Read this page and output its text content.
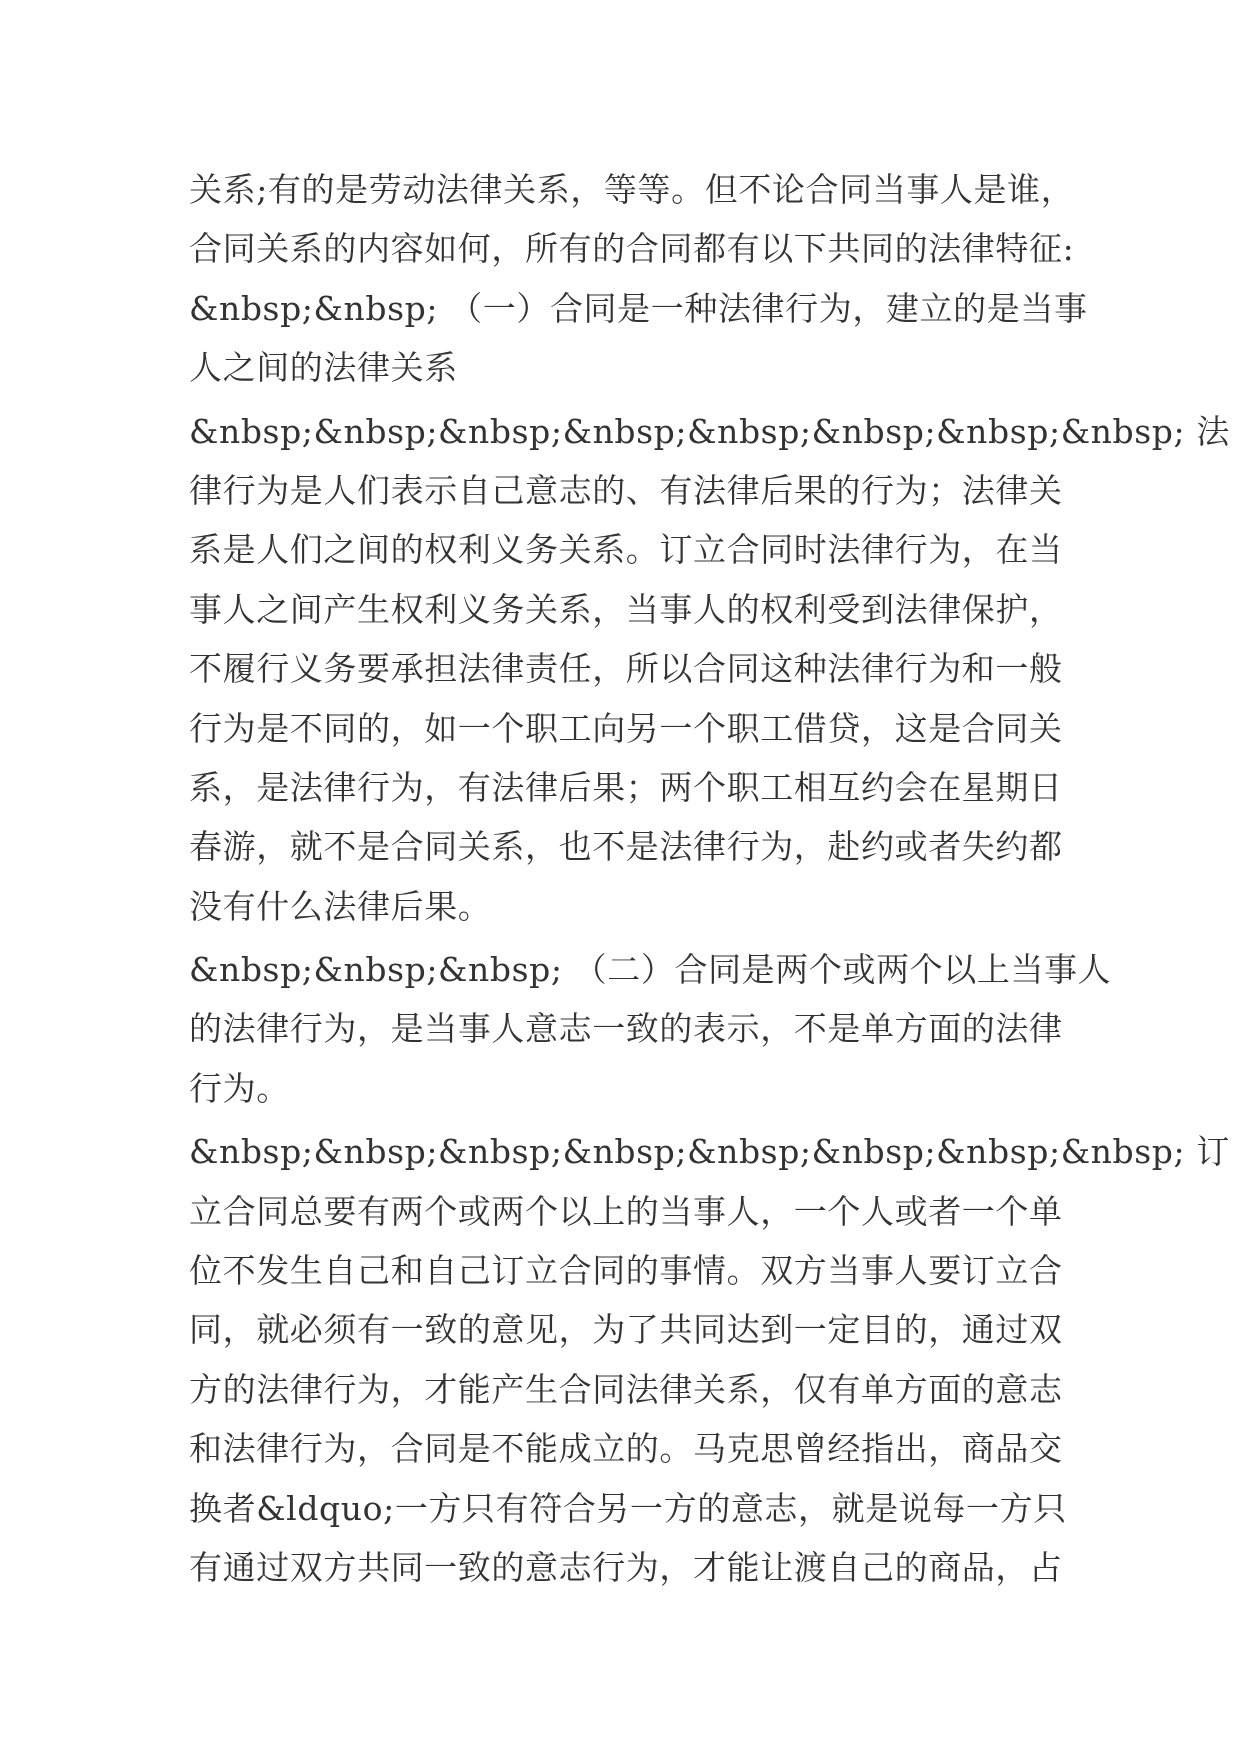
关系;有的是劳动法律关系，等等。但不论合同当事人是谁，
合同关系的内容如何，所有的合同都有以下共同的法律特征:
&nbsp;&nbsp; （一）合同是一种法律行为，建立的是当事
人之间的法律关系
&nbsp;&nbsp;&nbsp;&nbsp;&nbsp;&nbsp;&nbsp;&nbsp; 法
律行为是人们表示自己意志的、有法律后果的行为；法律关
系是人们之间的权利义务关系。订立合同时法律行为，在当
事人之间产生权利义务关系，当事人的权利受到法律保护，
不履行义务要承担法律责任，所以合同这种法律行为和一般
行为是不同的，如一个职工向另一个职工借贷，这是合同关
系，是法律行为，有法律后果；两个职工相互约会在星期日
春游，就不是合同关系，也不是法律行为，赴约或者失约都
没有什么法律后果。
&nbsp;&nbsp;&nbsp; （二）合同是两个或两个以上当事人
的法律行为，是当事人意志一致的表示，不是单方面的法律
行为。
&nbsp;&nbsp;&nbsp;&nbsp;&nbsp;&nbsp;&nbsp;&nbsp; 订
立合同总要有两个或两个以上的当事人，一个人或者一个单
位不发生自己和自己订立合同的事情。双方当事人要订立合
同，就必须有一致的意见，为了共同达到一定目的，通过双
方的法律行为，才能产生合同法律关系，仅有单方面的意志
和法律行为，合同是不能成立的。马克思曾经指出，商品交
换者&ldquo;一方只有符合另一方的意志，就是说每一方只
有通过双方共同一致的意志行为，才能让渡自己的商品，占
